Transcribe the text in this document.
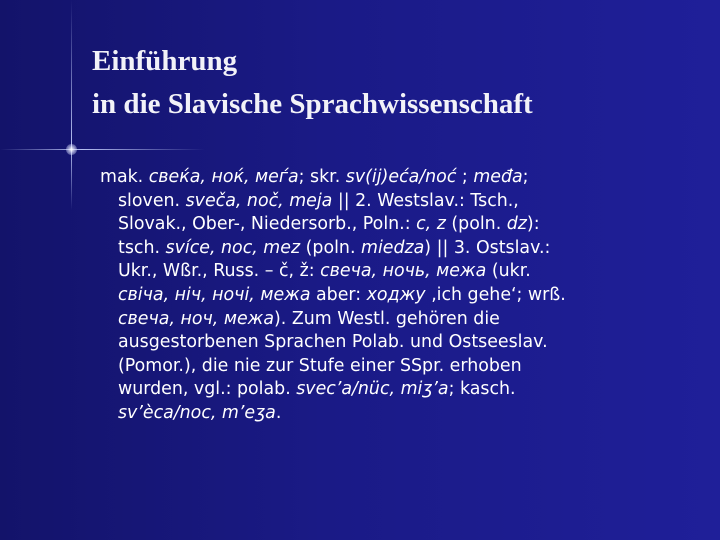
Einführung
in die Slavische Sprachwissenschaft
mak. свеќа, ноќ, меѓа; skr. sv(ij)eća/noć ; međa;
sloven. sveča, noč, meja || 2. Westslav.: Tsch.,
Slovak., Ober-, Niedersorb., Poln.: c, z (poln. dz):
tsch. svíce, noc, mez (poln. miedza) || 3. Ostslav.:
Ukr., Wßr., Russ. – č, ž: свеча, ночь, межа (ukr.
свіча, ніч, ночі, межа aber: ходжу ‚ich gehe‘; wrß.
свеча, ноч, межа). Zum Westl. gehören die
ausgestorbenen Sprachen Polab. und Ostseeslav.
(Pomor.), die nie zur Stufe einer SSpr. erhoben
wurden, vgl.: polab. svec’a/nüc, miʒ’a; kasch.
sv’èca/noc, m’eʒa.
